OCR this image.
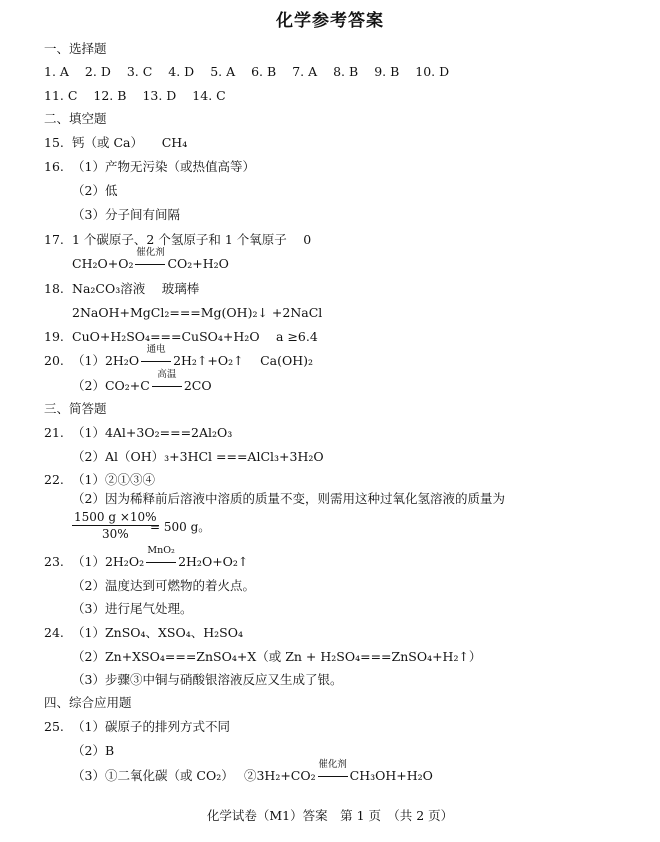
化学参考答案
一、选择题
1. A 2. D 3. C 4. D 5. A 6. B 7. A 8. B 9. B 10. D
11. C 12. B 13. D 14. C
二、填空题
15. 钙（或 Ca）　　CH₄
16. （1）产物无污染（或热值高等）
（2）低
（3）分子间有间隔
17. 1 个碳原子、2 个氢原子和 1 个氧原子　 0
CH₂O+O₂
催化剂
CO₂+H₂O
18. Na₂CO₃溶液　 玻璃棒
2NaOH+MgCl₂===Mg(OH)₂↓ +2NaCl
19. CuO+H₂SO₄===CuSO₄+H₂O　 a ≥6.4
20. （1）2H₂O
通电
2H₂↑+O₂↑　 Ca(OH)₂
（2）CO₂+C
高温
2CO
三、简答题
21. （1）4Al+3O₂===2Al₂O₃
（2）Al（OH）₃+3HCl ===AlCl₃+3H₂O
22. （1）②①③④
（2）因为稀释前后溶液中溶质的质量不变，则需用这种过氧化氢溶液的质量为
$\frac{1500 g \times 10\%}{30\%}$
= 500 g。
23. （1）2H₂O₂
MnO₂
2H₂O+O₂↑
（2）温度达到可燃物的着火点。
（3）进行尾气处理。
24. （1）ZnSO₄、XSO₄、H₂SO₄
（2）Zn+XSO₄===ZnSO₄+X（或 Zn + H₂SO₄===ZnSO₄+H₂↑）
（3）步骤③中铜与硝酸银溶液反应又生成了银。
四、综合应用题
25. （1）碳原子的排列方式不同
（2）B
（3）①二氧化碳（或 CO₂）　 ②3H₂+CO₂
催化剂
CH₃OH+H₂O
化学试卷（M1）答案　第 1 页　（共 2 页）
